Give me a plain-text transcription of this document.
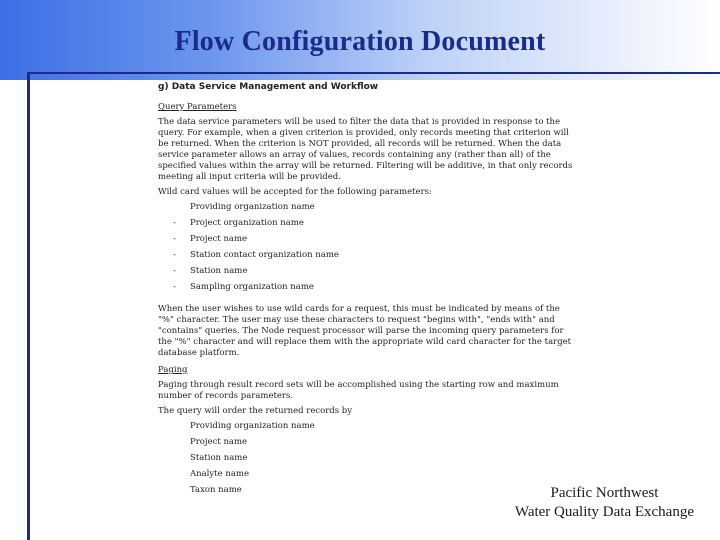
Flow Configuration Document
g) Data Service Management and Workflow
Query Parameters

The data service parameters will be used to filter the data that is provided in response to the query. For example, when a given criterion is provided, only records meeting that criterion will be returned. When the criterion is NOT provided, all records will be returned. When the data service parameter allows an array of values, records containing any (rather than all) of the specified values within the array will be returned. Filtering will be additive, in that only records meeting all input criteria will be provided.

Wild card values will be accepted for the following parameters:

Providing organization name
- Project organization name
- Project name
- Station contact organization name
- Station name
- Sampling organization name

When the user wishes to use wild cards for a request, this must be indicated by means of the "%" character. The user may use these characters to request "begins with", "ends with" and "contains" queries. The Node request processor will parse the incoming query parameters for the "%" character and will replace them with the appropriate wild card character for the target database platform.

Paging

Paging through result record sets will be accomplished using the starting row and maximum number of records parameters.

The query will order the returned records by

Providing organization name
Project name
Station name
Analyte name
Taxon name	Pacific Northwest
Water Quality Data Exchange
